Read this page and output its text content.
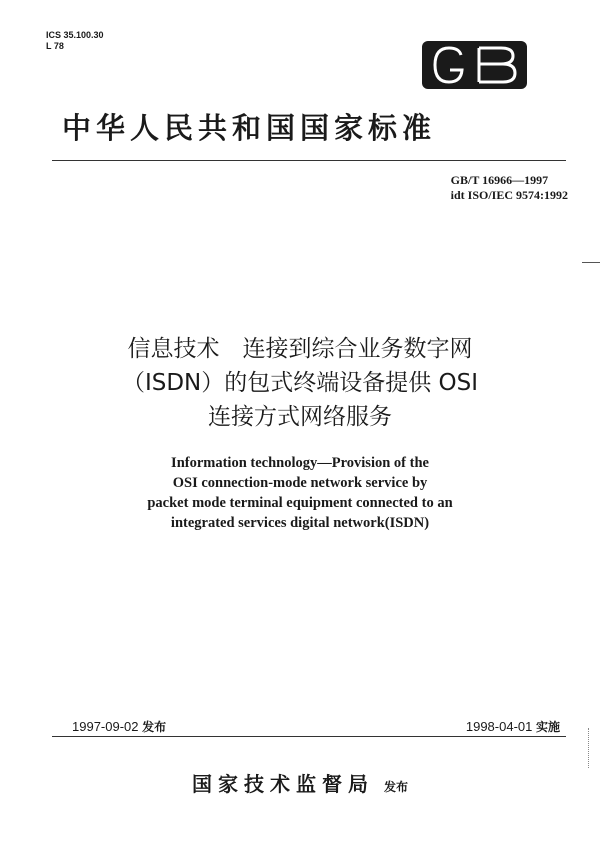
ICS 35.100.30
L 78
中华人民共和国国家标准
GB/T 16966—1997
idt ISO/IEC 9574:1992
信息技术　连接到综合业务数字网
（ISDN）的包式终端设备提供 OSI
连接方式网络服务
Information technology—Provision of the
OSI connection-mode network service by
packet mode terminal equipment connected to an
integrated services digital network(ISDN)
1997-09-02 发布	1998-04-01 实施
国家技术监督局 发布
